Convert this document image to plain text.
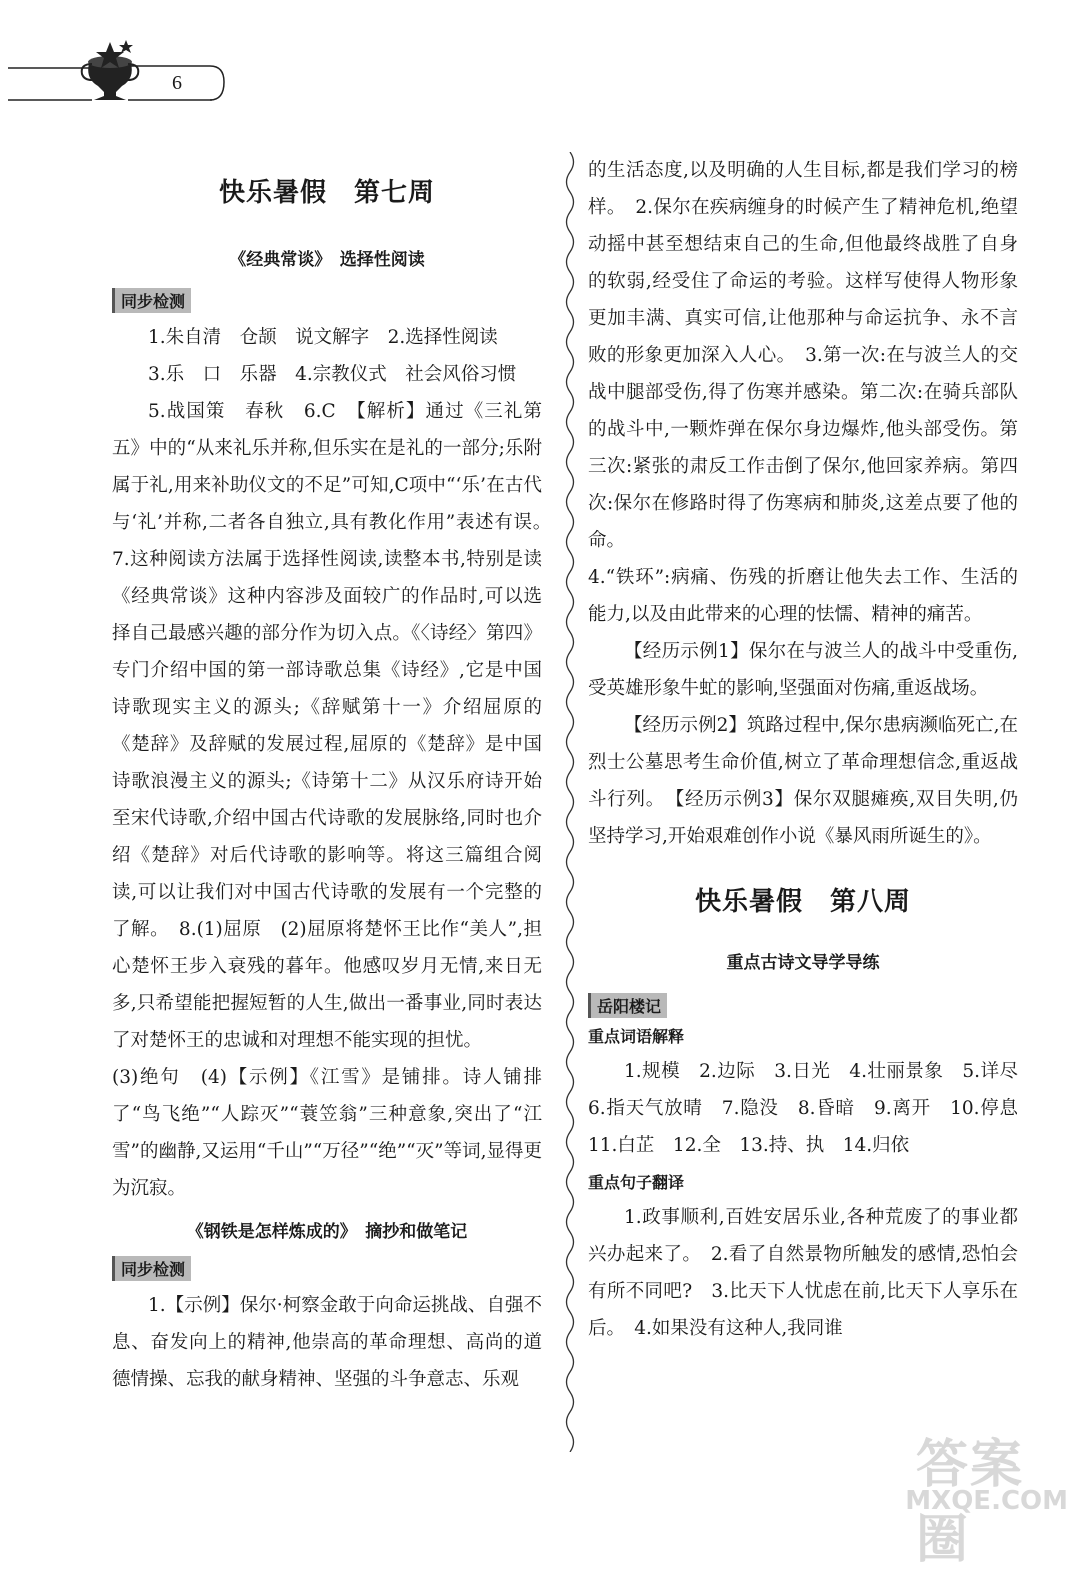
6
快乐暑假　第七周
《经典常谈》　选择性阅读
同步检测

1.朱自清　仓颉　说文解字　2.选择性阅读

3.乐　口　乐器　4.宗教仪式　社会风俗习惯

5.战国策　春秋　6.C　【解析】通过《三礼第五》中的“从来礼乐并称,但乐实在是礼的一部分;乐附属于礼,用来补助仪文的不足”可知,C项中“‘乐’在古代与‘礼’并称,二者各自独立,具有教化作用”表述有误。　7.这种阅读方法属于选择性阅读,读整本书,特别是读《经典常谈》这种内容涉及面较广的作品时,可以选择自己最感兴趣的部分作为切入点。《〈诗经〉第四》专门介绍中国的第一部诗歌总集《诗经》,它是中国诗歌现实主义的源头;《辞赋第十一》介绍屈原的《楚辞》及辞赋的发展过程,屈原的《楚辞》是中国诗歌浪漫主义的源头;《诗第十二》从汉乐府诗开始至宋代诗歌,介绍中国古代诗歌的发展脉络,同时也介绍《楚辞》对后代诗歌的影响等。将这三篇组合阅读,可以让我们对中国古代诗歌的发展有一个完整的了解。　8.(1)屈原　(2)屈原将楚怀王比作“美人”,担心楚怀王步入衰残的暮年。他感叹岁月无情,来日无多,只希望能把握短暂的人生,做出一番事业,同时表达了对楚怀王的忠诚和对理想不能实现的担忧。

(3)绝句　(4)【示例】《江雪》是铺排。诗人铺排了“鸟飞绝”“人踪灭”“蓑笠翁”三种意象,突出了“江雪”的幽静,又运用“千山”“万径”“绝”“灭”等词,显得更为沉寂。

《钢铁是怎样炼成的》　摘抄和做笔记
同步检测

1.【示例】保尔·柯察金敢于向命运挑战、自强不息、奋发向上的精神,他崇高的革命理想、高尚的道德情操、忘我的献身精神、坚强的斗争意志、乐观

的生活态度,以及明确的人生目标,都是我们学习的榜样。　2.保尔在疾病缠身的时候产生了精神危机,绝望动摇中甚至想结束自己的生命,但他最终战胜了自身的软弱,经受住了命运的考验。这样写使得人物形象更加丰满、真实可信,让他那种与命运抗争、永不言败的形象更加深入人心。　3.第一次:在与波兰人的交战中腿部受伤,得了伤寒并感染。第二次:在骑兵部队的战斗中,一颗炸弹在保尔身边爆炸,他头部受伤。第三次:紧张的肃反工作击倒了保尔,他回家养病。第四次:保尔在修路时得了伤寒病和肺炎,这差点要了他的命。

4.“铁环”:病痛、伤残的折磨让他失去工作、生活的能力,以及由此带来的心理的怯懦、精神的痛苦。

【经历示例1】保尔在与波兰人的战斗中受重伤,受英雄形象牛虻的影响,坚强面对伤痛,重返战场。

【经历示例2】筑路过程中,保尔患病濒临死亡,在烈士公墓思考生命价值,树立了革命理想信念,重返战斗行列。　【经历示例3】保尔双腿瘫痪,双目失明,仍坚持学习,开始艰难创作小说《暴风雨所诞生的》。

快乐暑假　第八周
重点古诗文导学导练
岳阳楼记
重点词语解释

1.规模　2.边际　3.日光　4.壮丽景象　5.详尽　6.指天气放晴　7.隐没　8.昏暗　9.离开　10.停息　11.白芷　12.全　13.持、执　14.归依

重点句子翻译

1.政事顺利,百姓安居乐业,各种荒废了的事业都兴办起来了。　2.看了自然景物所触发的感情,恐怕会有所不同吧?　3.比天下人忧虑在前,比天下人享乐在后。　4.如果没有这种人,我同谁

答案圈
MXQE.COM
